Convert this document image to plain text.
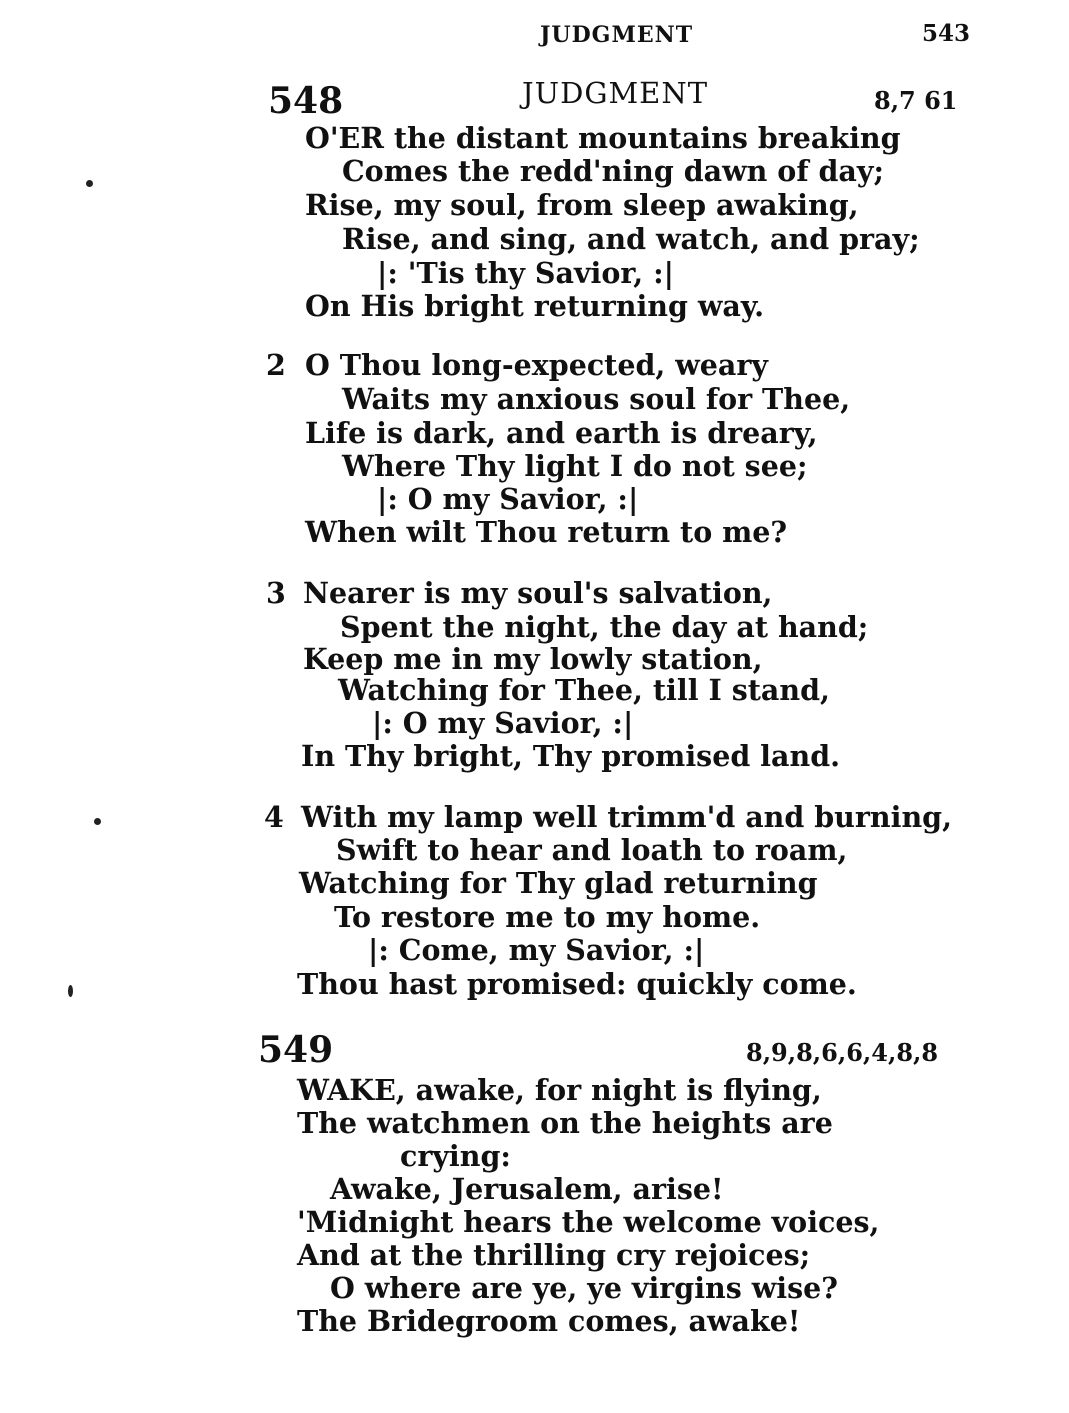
JUDGMENT	543
548	JUDGMENT	8,7 61
O'ER the distant mountains breaking
Comes the redd'ning dawn of day;
Rise, my soul, from sleep awaking,
Rise, and sing, and watch, and pray;
|: 'Tis thy Savior, :|
On His bright returning way.
2 O Thou long-expected, weary
Waits my anxious soul for Thee,
Life is dark, and earth is dreary,
Where Thy light I do not see;
|: O my Savior, :|
When wilt Thou return to me?
3 Nearer is my soul's salvation,
Spent the night, the day at hand;
Keep me in my lowly station,
Watching for Thee, till I stand,
|: O my Savior, :|
In Thy bright, Thy promised land.
4 With my lamp well trimm'd and burning,
Swift to hear and loath to roam,
Watching for Thy glad returning
To restore me to my home.
|: Come, my Savior, :|
Thou hast promised: quickly come.
549	8,9,8,6,6,4,8,8
WAKE, awake, for night is flying,
The watchmen on the heights are
crying:
Awake, Jerusalem, arise!
'Midnight hears the welcome voices,
And at the thrilling cry rejoices;
O where are ye, ye virgins wise?
The Bridegroom comes, awake!
